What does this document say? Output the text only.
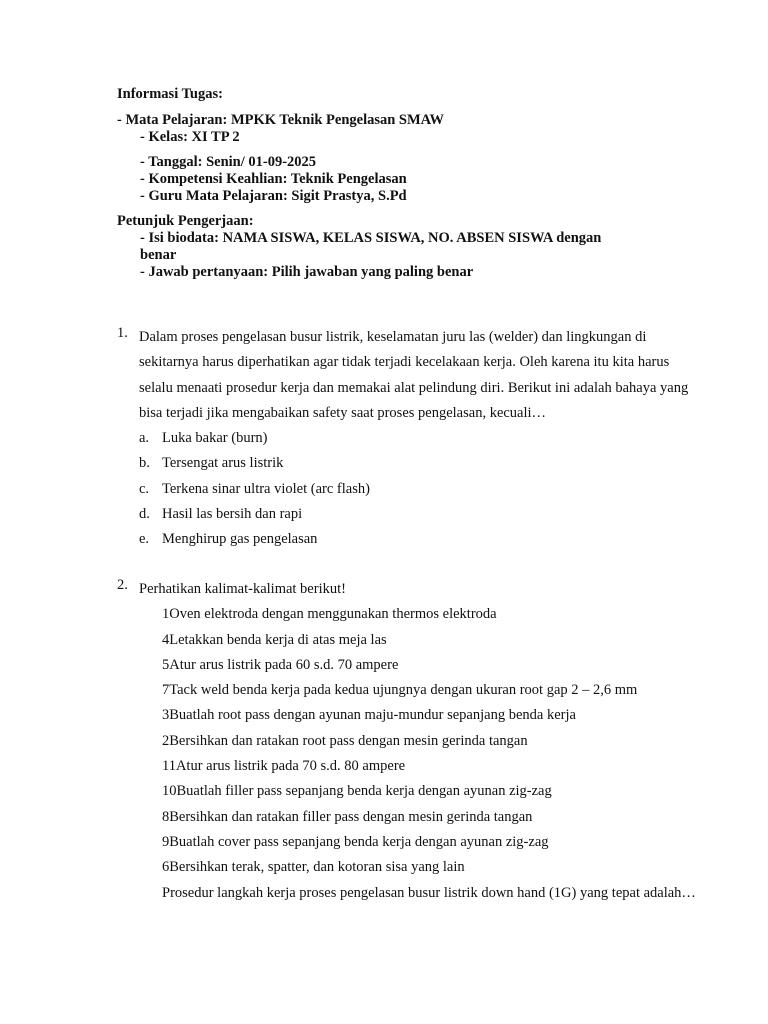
Informasi Tugas:
- Mata Pelajaran: MPKK Teknik Pengelasan SMAW
- Kelas: XI TP 2
- Tanggal: Senin/ 01-09-2025
- Kompetensi Keahlian: Teknik Pengelasan
- Guru Mata Pelajaran: Sigit Prastya, S.Pd
Petunjuk Pengerjaan:
- Isi biodata: NAMA SISWA, KELAS SISWA, NO. ABSEN SISWA dengan
benar
- Jawab pertanyaan: Pilih jawaban yang paling benar
1. Dalam proses pengelasan busur listrik, keselamatan juru las (welder) dan lingkungan di sekitarnya harus diperhatikan agar tidak terjadi kecelakaan kerja. Oleh karena itu kita harus selalu menaati prosedur kerja dan memakai alat pelindung diri. Berikut ini adalah bahaya yang bisa terjadi jika mengabaikan safety saat proses pengelasan, kecuali…
a. Luka bakar (burn)
b. Tersengat arus listrik
c. Terkena sinar ultra violet (arc flash)
d. Hasil las bersih dan rapi
e. Menghirup gas pengelasan
2. Perhatikan kalimat-kalimat berikut!
1Oven elektroda dengan menggunakan thermos elektroda
4Letakkan benda kerja di atas meja las
5Atur arus listrik pada 60 s.d. 70 ampere
7Tack weld benda kerja pada kedua ujungnya dengan ukuran root gap 2 – 2,6 mm
3Buatlah root pass dengan ayunan maju-mundur sepanjang benda kerja
2Bersihkan dan ratakan root pass dengan mesin gerinda tangan
11Atur arus listrik pada 70 s.d. 80 ampere
10Buatlah filler pass sepanjang benda kerja dengan ayunan zig-zag
8Bersihkan dan ratakan filler pass dengan mesin gerinda tangan
9Buatlah cover pass sepanjang benda kerja dengan ayunan zig-zag
6Bersihkan terak, spatter, dan kotoran sisa yang lain
Prosedur langkah kerja proses pengelasan busur listrik down hand (1G) yang tepat adalah…
